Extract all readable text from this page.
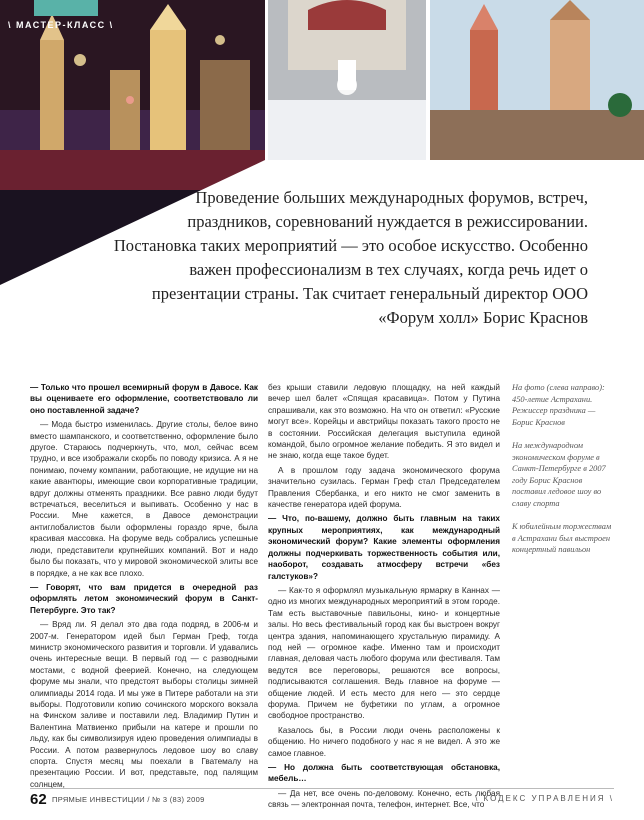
\ МАСТЕР-КЛАСС \
Проведение больших международных форумов, встреч, праздников, соревнований нуждается в режиссировании. Постановка таких мероприятий — это особое искусство. Особенно важен профессионализм в тех случаях, когда речь идет о презентации страны. Так считает генеральный директор ООО «Форум холл» Борис Краснов

— Только что прошел всемирный форум в Давосе. Как вы оцениваете его оформление, соответствовало ли оно поставленной задаче?

— Мода быстро изменилась. Другие столы, белое вино вместо шампанского, и соответственно, оформление было другое. Стараюсь подчеркнуть, что, мол, сейчас всем трудно, и все изображали скорбь по поводу кризиса. А я не понимаю, почему компании, работающие, не идущие ни на какие авантюры, имеющие свои корпоративные традиции, вдруг должны отменять праздники. Все равно люди будут встречаться, веселиться и выпивать. Особенно у нас в России. Мне кажется, в Давосе демонстрации антиглобалистов были оформлены гораздо ярче, была красивая массовка. На форуме ведь собрались успешные люди, представители крупнейших компаний. Вот и надо было бы показать, что у мировой экономической элиты все в порядке, а не как все плохо.

— Говорят, что вам придется в очередной раз оформлять летом экономический форум в Санкт-Петербурге. Это так?

— Вряд ли. Я делал это два года подряд, в 2006-м и 2007-м. Генератором идей был Герман Греф, тогда министр экономического развития и торговли. И удавались очень интересные вещи. В первый год — с разводными мостами, с водной феерией. Конечно, на следующем форуме мы знали, что предстоят выборы столицы зимней олимпиады 2014 года. И мы уже в Питере работали на эти выборы. Подготовили копию сочинского морского вокзала на Финском заливе и поставили лед. Владимир Путин и Валентина Матвиенко прибыли на катере и прошли по льду, как бы символизируя идею проведения олимпиады в России. А потом развернулось ледовое шоу во славу спорта. Спустя месяц мы поехали в Гватемалу на презентацию России. И вот, представьте, под палящим солнцем,

без крыши ставили ледовую площадку, на ней каждый вечер шел балет «Спящая красавица». Потом у Путина спрашивали, как это возможно. На что он ответил: «Русские могут все». Корейцы и австрийцы показать такого просто не в состоянии. Российская делегация выступила единой командой, было огромное желание победить. Я это видел и не знаю, когда еще такое будет.

А в прошлом году задача экономического форума значительно сузилась. Герман Греф стал Председателем Правления Сбербанка, и его никто не смог заменить в качестве генератора идей форума.

— Что, по-вашему, должно быть главным на таких крупных мероприятиях, как международный экономический форум? Какие элементы оформления должны подчеркивать торжественность события или, наоборот, создавать атмосферу встречи «без галстуков»?

— Как-то я оформлял музыкальную ярмарку в Каннах — одно из многих международных мероприятий в этом городе. Там есть выставочные павильоны, кино- и концертные залы. Но весь фестивальный город как бы выстроен вокруг центра здания, напоминающего хрустальную пирамиду. А под ней — огромное кафе. Именно там и происходит главная, деловая часть любого форума или фестиваля. Там ведутся все переговоры, решаются все вопросы, подписываются соглашения. Ведь главное на форуме — общение людей. И есть место для него — это сердце форума. Причем не буфетики по углам, а огромное свободное пространство.

Казалось бы, в России люди очень расположены к общению. Но ничего подобного у нас я не видел. А это же самое главное.

— Но должна быть соответствующая обстановка, мебель…

— Да нет, все очень по-деловому. Конечно, есть любая связь — электронная почта, телефон, интернет. Все, что

На фото (слева направо): 450-летие Астрахани. Режиссер праздника — Борис Краснов

На международном экономическом форуме в Санкт-Петербурге в 2007 году Борис Краснов поставил ледовое шоу во славу спорта

К юбилейным торжествам в Астрахани был выстроен концертный павильон

62 ПРЯМЫЕ ИНВЕСТИЦИИ / № 3 (83) 2009	\ КОДЕКС УПРАВЛЕНИЯ \
